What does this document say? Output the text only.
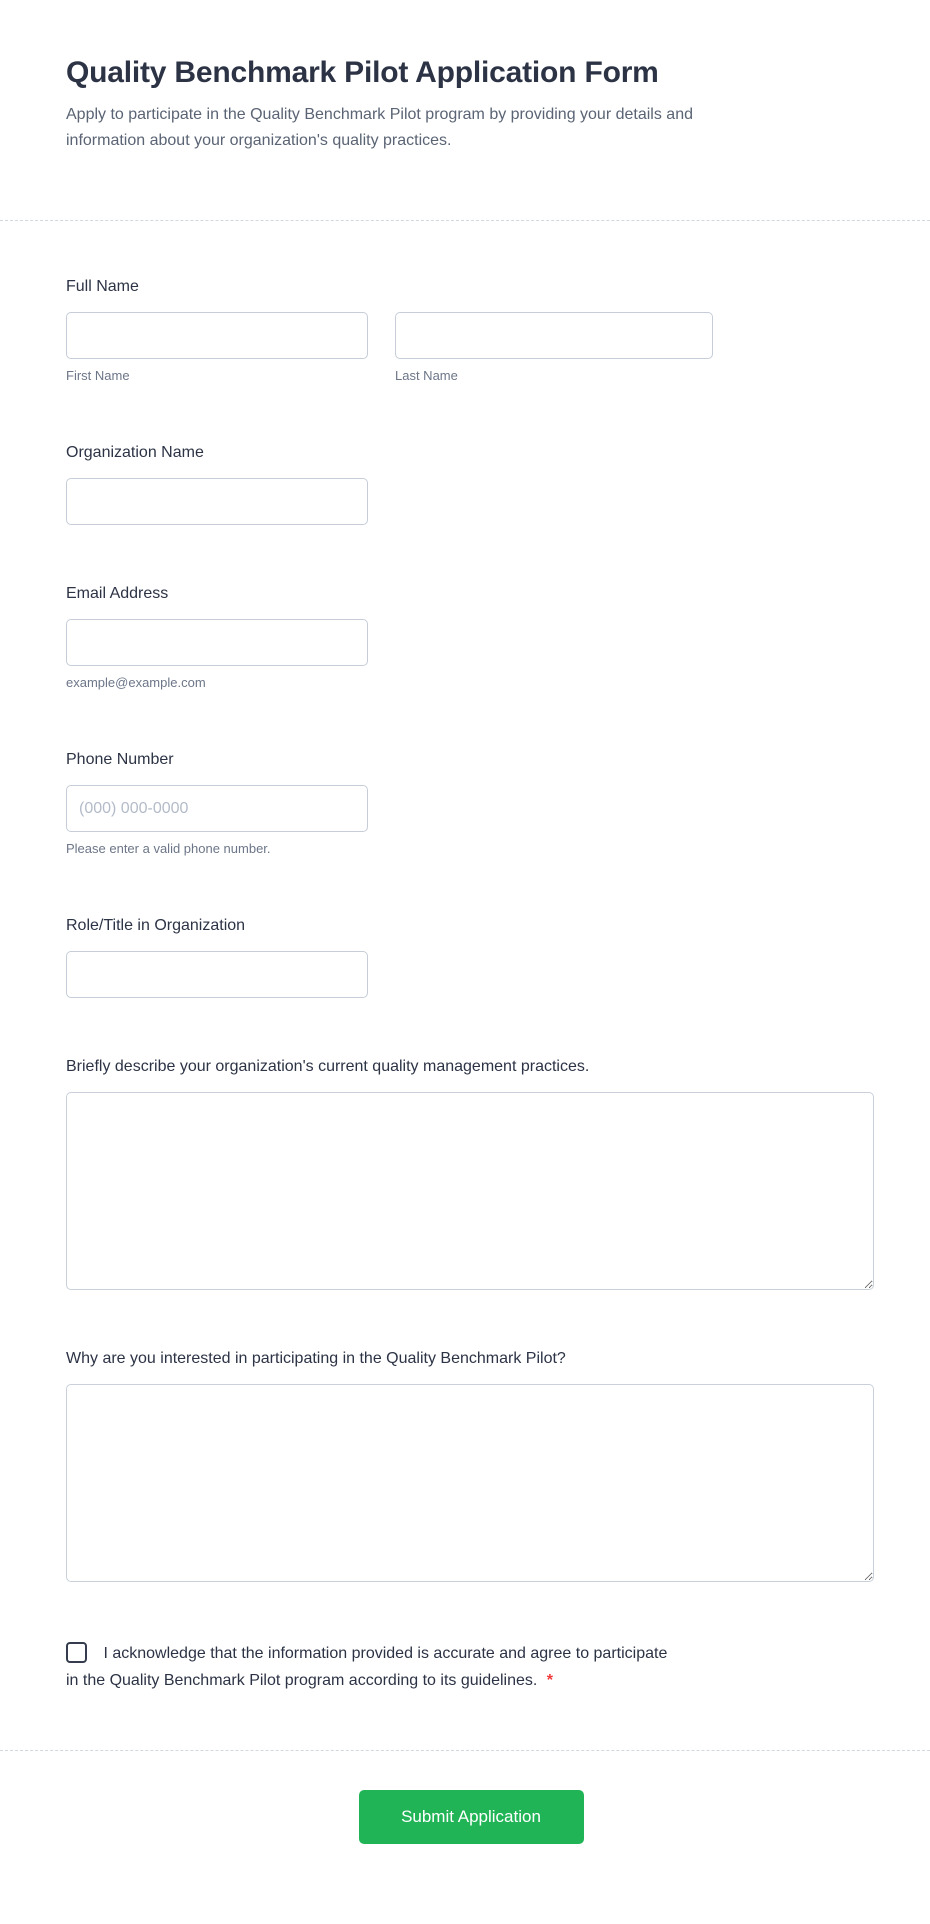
Quality Benchmark Pilot Application Form

Apply to participate in the Quality Benchmark Pilot program by providing your details and information about your organization's quality practices.

Full Name
First Name	Last Name
Organization Name
Email Address
example@example.com
Phone Number
(000) 000-0000
Please enter a valid phone number.
Role/Title in Organization
Briefly describe your organization's current quality management practices.
Why are you interested in participating in the Quality Benchmark Pilot?
I acknowledge that the information provided is accurate and agree to participate in the Quality Benchmark Pilot program according to its guidelines. *
Submit Application
